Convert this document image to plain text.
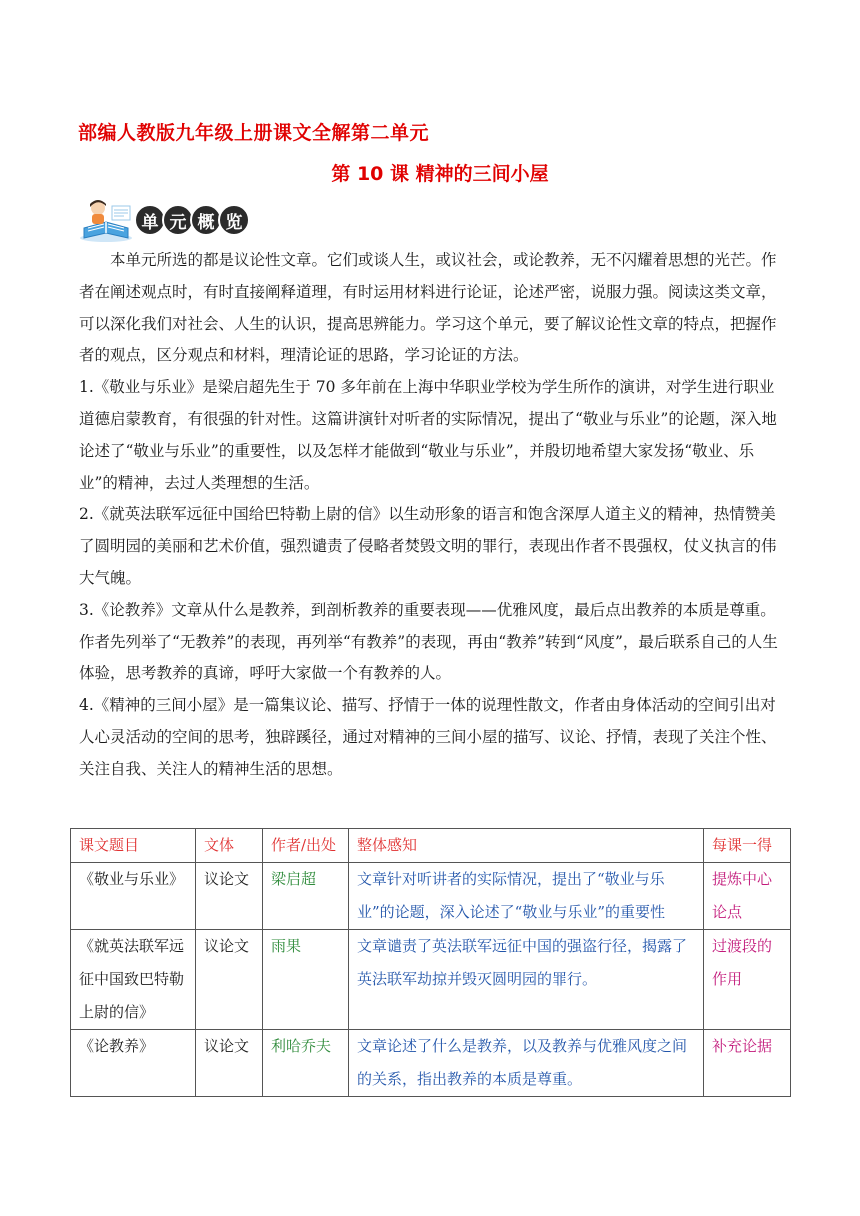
部编人教版九年级上册课文全解第二单元
第 10 课 精神的三间小屋
单 元 概 览

本单元所选的都是议论性文章。它们或谈人生，或议社会，或论教养，无不闪耀着思想的光芒。作者在阐述观点时，有时直接阐释道理，有时运用材料进行论证，论述严密，说服力强。阅读这类文章，可以深化我们对社会、人生的认识，提高思辨能力。学习这个单元，要了解议论性文章的特点，把握作者的观点，区分观点和材料，理清论证的思路，学习论证的方法。

1.《敬业与乐业》是梁启超先生于 70 多年前在上海中华职业学校为学生所作的演讲，对学生进行职业道德启蒙教育，有很强的针对性。这篇讲演针对听者的实际情况，提出了“敬业与乐业”的论题，深入地论述了“敬业与乐业”的重要性，以及怎样才能做到“敬业与乐业”，并殷切地希望大家发扬“敬业、乐业”的精神，去过人类理想的生活。

2.《就英法联军远征中国给巴特勒上尉的信》以生动形象的语言和饱含深厚人道主义的精神，热情赞美了圆明园的美丽和艺术价值，强烈谴责了侵略者焚毁文明的罪行，表现出作者不畏强权，仗义执言的伟大气魄。

3.《论教养》文章从什么是教养，到剖析教养的重要表现——优雅风度，最后点出教养的本质是尊重。作者先列举了“无教养”的表现，再列举“有教养”的表现，再由“教养”转到“风度”，最后联系自己的人生体验，思考教养的真谛，呼吁大家做一个有教养的人。

4.《精神的三间小屋》是一篇集议论、描写、抒情于一体的说理性散文，作者由身体活动的空间引出对人心灵活动的空间的思考，独辟蹊径，通过对精神的三间小屋的描写、议论、抒情，表现了关注个性、关注自我、关注人的精神生活的思想。

课文题目	文体	作者/出处	整体感知	每课一得
《敬业与乐业》	议论文	梁启超	文章针对听讲者的实际情况，提出了“敬业与乐业”的论题，深入论述了“敬业与乐业”的重要性	提炼中心论点
《就英法联军远征中国致巴特勒上尉的信》	议论文	雨果	文章谴责了英法联军远征中国的强盗行径，揭露了英法联军劫掠并毁灭圆明园的罪行。	过渡段的作用
《论教养》	议论文	利哈乔夫	文章论述了什么是教养，以及教养与优雅风度之间的关系，指出教养的本质是尊重。	补充论据
